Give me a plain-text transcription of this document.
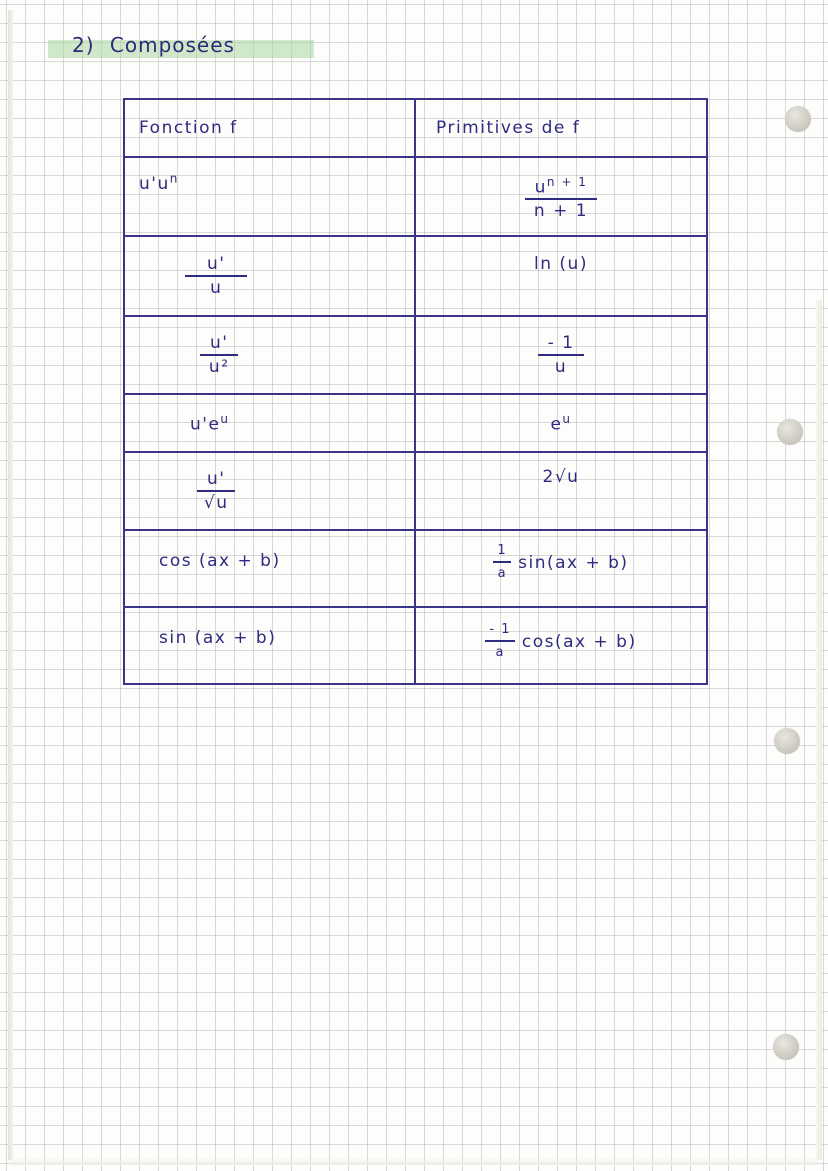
2) Composées
Fonction f	Primitives de f
$u'u^n$	$\frac{u^{n + 1}}{n + 1}$

$\frac{u'}{u}$	ln (u)

$\frac{u'}{\text{u²}}$	$\frac{- 1}{u}$

$u'e^u$	$e^u$

$\frac{u'}{√u}$	2√u
cos (ax + b)	$\frac{1}{a} \sin(ax + b)$
sin (ax + b)	$\frac{- 1}{a} \cos(ax + b)$
